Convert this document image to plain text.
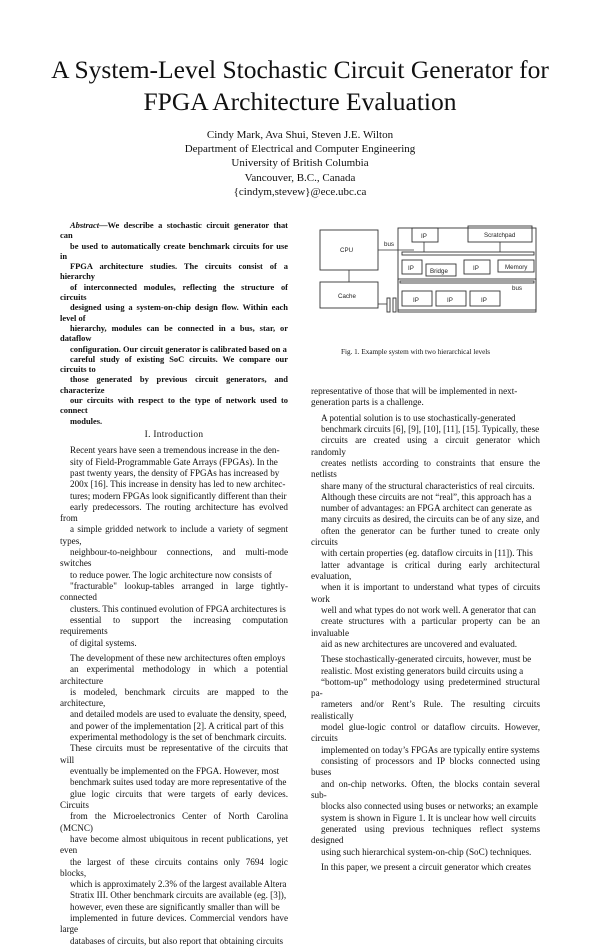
A System-Level Stochastic Circuit Generator for
FPGA Architecture Evaluation
Cindy Mark, Ava Shui, Steven J.E. Wilton
Department of Electrical and Computer Engineering
University of British Columbia
Vancouver, B.C., Canada
{cindym,stevew}@ece.ubc.ca

Abstract—We describe a stochastic circuit generator that can
be used to automatically create benchmark circuits for use in
FPGA architecture studies. The circuits consist of a hierarchy
of interconnected modules, reflecting the structure of circuits
designed using a system-on-chip design flow. Within each level of
hierarchy, modules can be connected in a bus, star, or dataflow
configuration. Our circuit generator is calibrated based on a
careful study of existing SoC circuits. We compare our circuits to
those generated by previous circuit generators, and characterize
our circuits with respect to the type of network used to connect
modules.

I. Introduction

Recent years have seen a tremendous increase in the den-
sity of Field-Programmable Gate Arrays (FPGAs). In the
past twenty years, the density of FPGAs has increased by
200x [16]. This increase in density has led to new architec-
tures; modern FPGAs look significantly different than their
early predecessors. The routing architecture has evolved from
a simple gridded network to include a variety of segment types,
neighbour-to-neighbour connections, and multi-mode switches
to reduce power. The logic architecture now consists of
"fracturable" lookup-tables arranged in large tightly-connected
clusters. This continued evolution of FPGA architectures is
essential to support the increasing computation requirements
of digital systems.

The development of these new architectures often employs
an experimental methodology in which a potential architecture
is modeled, benchmark circuits are mapped to the architecture,
and detailed models are used to evaluate the density, speed,
and power of the implementation [2]. A critical part of this
experimental methodology is the set of benchmark circuits.
These circuits must be representative of the circuits that will
eventually be implemented on the FPGA. However, most
benchmark suites used today are more representative of the
glue logic circuits that were targets of early devices. Circuits
from the Microelectronics Center of North Carolina (MCNC)
have become almost ubiquitous in recent publications, yet even
the largest of these circuits contains only 7694 logic blocks,
which is approximately 2.3% of the largest available Altera
Stratix III. Other benchmark circuits are available (eg. [3]),
however, even these are significantly smaller than will be
implemented in future devices. Commercial vendors have large
databases of circuits, but also report that obtaining circuits

CPU
Cache
bus
IP	Scratchpad
IP
IP	Bridge
Memory
bus
IP	IP	IP
Fig. 1. Example system with two hierarchical levels

representative of those that will be implemented in next-
generation parts is a challenge.

A potential solution is to use stochastically-generated
benchmark circuits [6], [9], [10], [11], [15]. Typically, these
circuits are created using a circuit generator which randomly
creates netlists according to constraints that ensure the netlists
share many of the structural characteristics of real circuits.
Although these circuits are not “real”, this approach has a
number of advantages: an FPGA architect can generate as
many circuits as desired, the circuits can be of any size, and
often the generator can be further tuned to create only circuits
with certain properties (eg. dataflow circuits in [11]). This
latter advantage is critical during early architectural evaluation,
when it is important to understand what types of circuits work
well and what types do not work well. A generator that can
create structures with a particular property can be an invaluable
aid as new architectures are uncovered and evaluated.

These stochastically-generated circuits, however, must be
realistic. Most existing generators build circuits using a
“bottom-up” methodology using predetermined structural pa-
rameters and/or Rent’s Rule. The resulting circuits realistically
model glue-logic control or dataflow circuits. However, circuits
implemented on today’s FPGAs are typically entire systems
consisting of processors and IP blocks connected using buses
and on-chip networks. Often, the blocks contain several sub-
blocks also connected using buses or networks; an example
system is shown in Figure 1. It is unclear how well circuits
generated using previous techniques reflect systems designed
using such hierarchical system-on-chip (SoC) techniques.

In this paper, we present a circuit generator which creates
